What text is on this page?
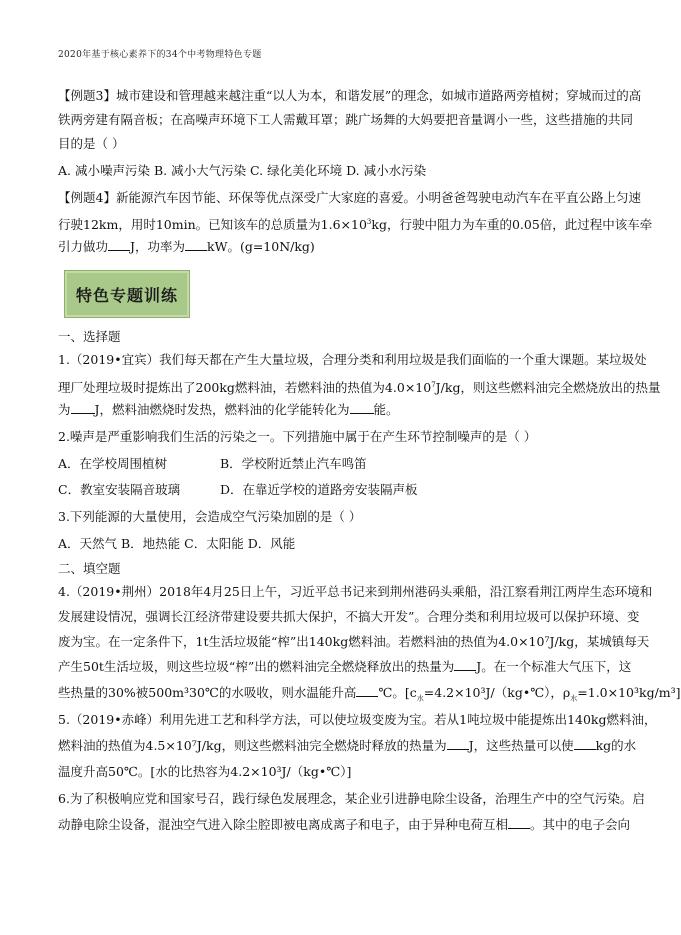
2020年基于核心素养下的34个中考物理特色专题
【例题3】城市建设和管理越来越注重“以人为本，和谐发展”的理念，如城市道路两旁植树；穿城而过的高
铁两旁建有隔音板；在高噪声环境下工人需戴耳罩；跳广场舞的大妈要把音量调小一些，这些措施的共同
目的是（ ）
A. 减小噪声污染 B. 减小大气污染 C. 绿化美化环境 D. 减小水污染
【例题4】新能源汽车因节能、环保等优点深受广大家庭的喜爱。小明爸爸驾驶电动汽车在平直公路上匀速
行驶12km，用时10min。已知该车的总质量为$1.6\times 10^3kg$，行驶中阻力为车重的0.05倍，此过程中该车牵
引力做功 J，功率为 kW。(g=10N/kg)
特色专题训练
一、选择题
1.（2019•宜宾）我们每天都在产生大量垃圾，合理分类和利用垃圾是我们面临的一个重大课题。某垃圾处
理厂处理垃圾时提炼出了200kg燃料油，若燃料油的热值为$4.0\times 10^7J/kg$，则这些燃料油完全燃烧放出的热量
为 J，燃料油燃烧时发热，燃料油的化学能转化为 能。
2.噪声是严重影响我们生活的污染之一。下列措施中属于在产生环节控制噪声的是（ ）
A．在学校周围植树	B．学校附近禁止汽车鸣笛
C．教室安装隔音玻璃	D．在靠近学校的道路旁安装隔声板
3.下列能源的大量使用，会造成空气污染加剧的是（ ）
A．天然气 B．地热能 C．太阳能 D．风能
二、填空题
4.（2019•荆州）2018年4月25日上午，习近平总书记来到荆州港码头乘船，沿江察看荆江两岸生态环境和
发展建设情况，强调长江经济带建设要共抓大保护，不搞大开发”。合理分类和利用垃圾可以保护环境、变
废为宝。在一定条件下，1t生活垃圾能“榨”出140kg燃料油。若燃料油的热值为4.0×10⁷J/kg，某城镇每天
产生50t生活垃圾，则这些垃圾“榨”出的燃料油完全燃烧释放出的热量为 J。在一个标准大气压下，这
些热量的30%被500m³30℃的水吸收，则水温能升高 ℃。[$c_水=4.2\times 10^3J/(kg•℃)$，$\rho_水=1.0\times 10^3kg/m^3$]
5.（2019•赤峰）利用先进工艺和科学方法，可以使垃圾变废为宝。若从1吨垃圾中能提炼出140kg燃料油，
燃料油的热值为4.5×10⁷J/kg，则这些燃料油完全燃烧时释放的热量为 J，这些热量可以使 kg的水
温度升高50℃。[水的比热容为4.2×10³J/（kg•℃）]
6.为了积极响应党和国家号召，践行绿色发展理念，某企业引进静电除尘设备，治理生产中的空气污染。启
动静电除尘设备，混浊空气进入除尘腔即被电离成离子和电子，由于异种电荷互相 。其中的电子会向
